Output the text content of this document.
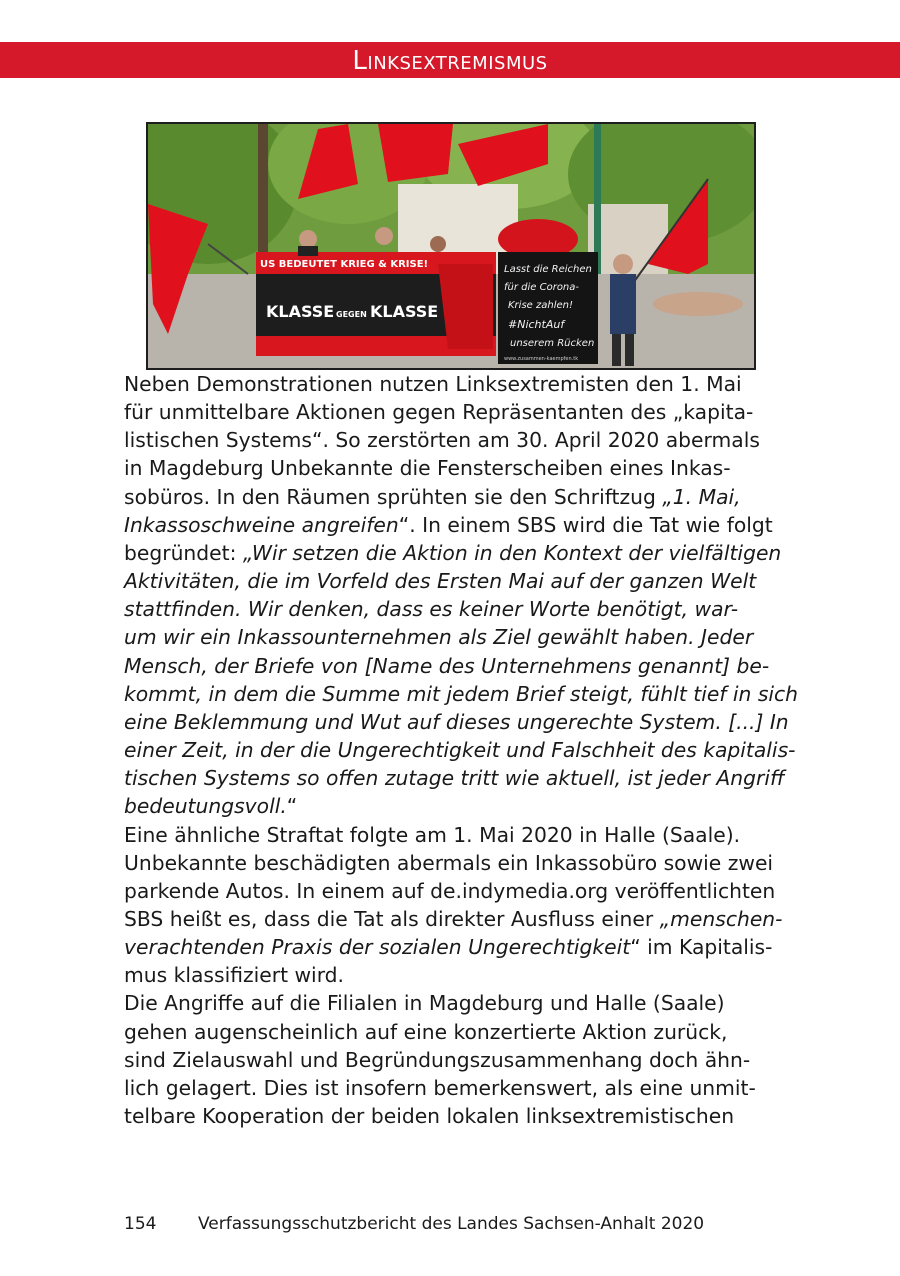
Linksextremismus
US BEDEUTET KRIEG & KRISE!
KLASSE GEGEN KLASSE
Lasst die Reichen
für die Corona-
Krise zahlen!
#NichtAuf
unserem Rücken
www.zusammen-kaempfen.tk
Neben Demonstrationen nutzen Linksextremisten den 1. Mai
für unmittelbare Aktionen gegen Repräsentanten des „kapita-
listischen Systems“. So zerstörten am 30. April 2020 abermals
in Magdeburg Unbekannte die Fensterscheiben eines Inkas-
sobüros. In den Räumen sprühten sie den Schriftzug „1. Mai,
Inkassoschweine angreifen“. In einem SBS wird die Tat wie folgt
begründet: „Wir setzen die Aktion in den Kontext der vielfältigen
Aktivitäten, die im Vorfeld des Ersten Mai auf der ganzen Welt
stattfinden. Wir denken, dass es keiner Worte benötigt, war-
um wir ein Inkassounternehmen als Ziel gewählt haben. Jeder
Mensch, der Briefe von [Name des Unternehmens genannt] be-
kommt, in dem die Summe mit jedem Brief steigt, fühlt tief in sich
eine Beklemmung und Wut auf dieses ungerechte System. [...] In
einer Zeit, in der die Ungerechtigkeit und Falschheit des kapitalis-
tischen Systems so offen zutage tritt wie aktuell, ist jeder Angriff
bedeutungsvoll.“
Eine ähnliche Straftat folgte am 1. Mai 2020 in Halle (Saale).
Unbekannte beschädigten abermals ein Inkassobüro sowie zwei
parkende Autos. In einem auf de.indymedia.org veröffentlichten
SBS heißt es, dass die Tat als direkter Ausfluss einer „menschen-
verachtenden Praxis der sozialen Ungerechtigkeit“ im Kapitalis-
mus klassifiziert wird.
Die Angriffe auf die Filialen in Magdeburg und Halle (Saale)
gehen augenscheinlich auf eine konzertierte Aktion zurück,
sind Zielauswahl und Begründungszusammenhang doch ähn-
lich gelagert. Dies ist insofern bemerkenswert, als eine unmit-
telbare Kooperation der beiden lokalen linksextremistischen
154 Verfassungsschutzbericht des Landes Sachsen-Anhalt 2020
